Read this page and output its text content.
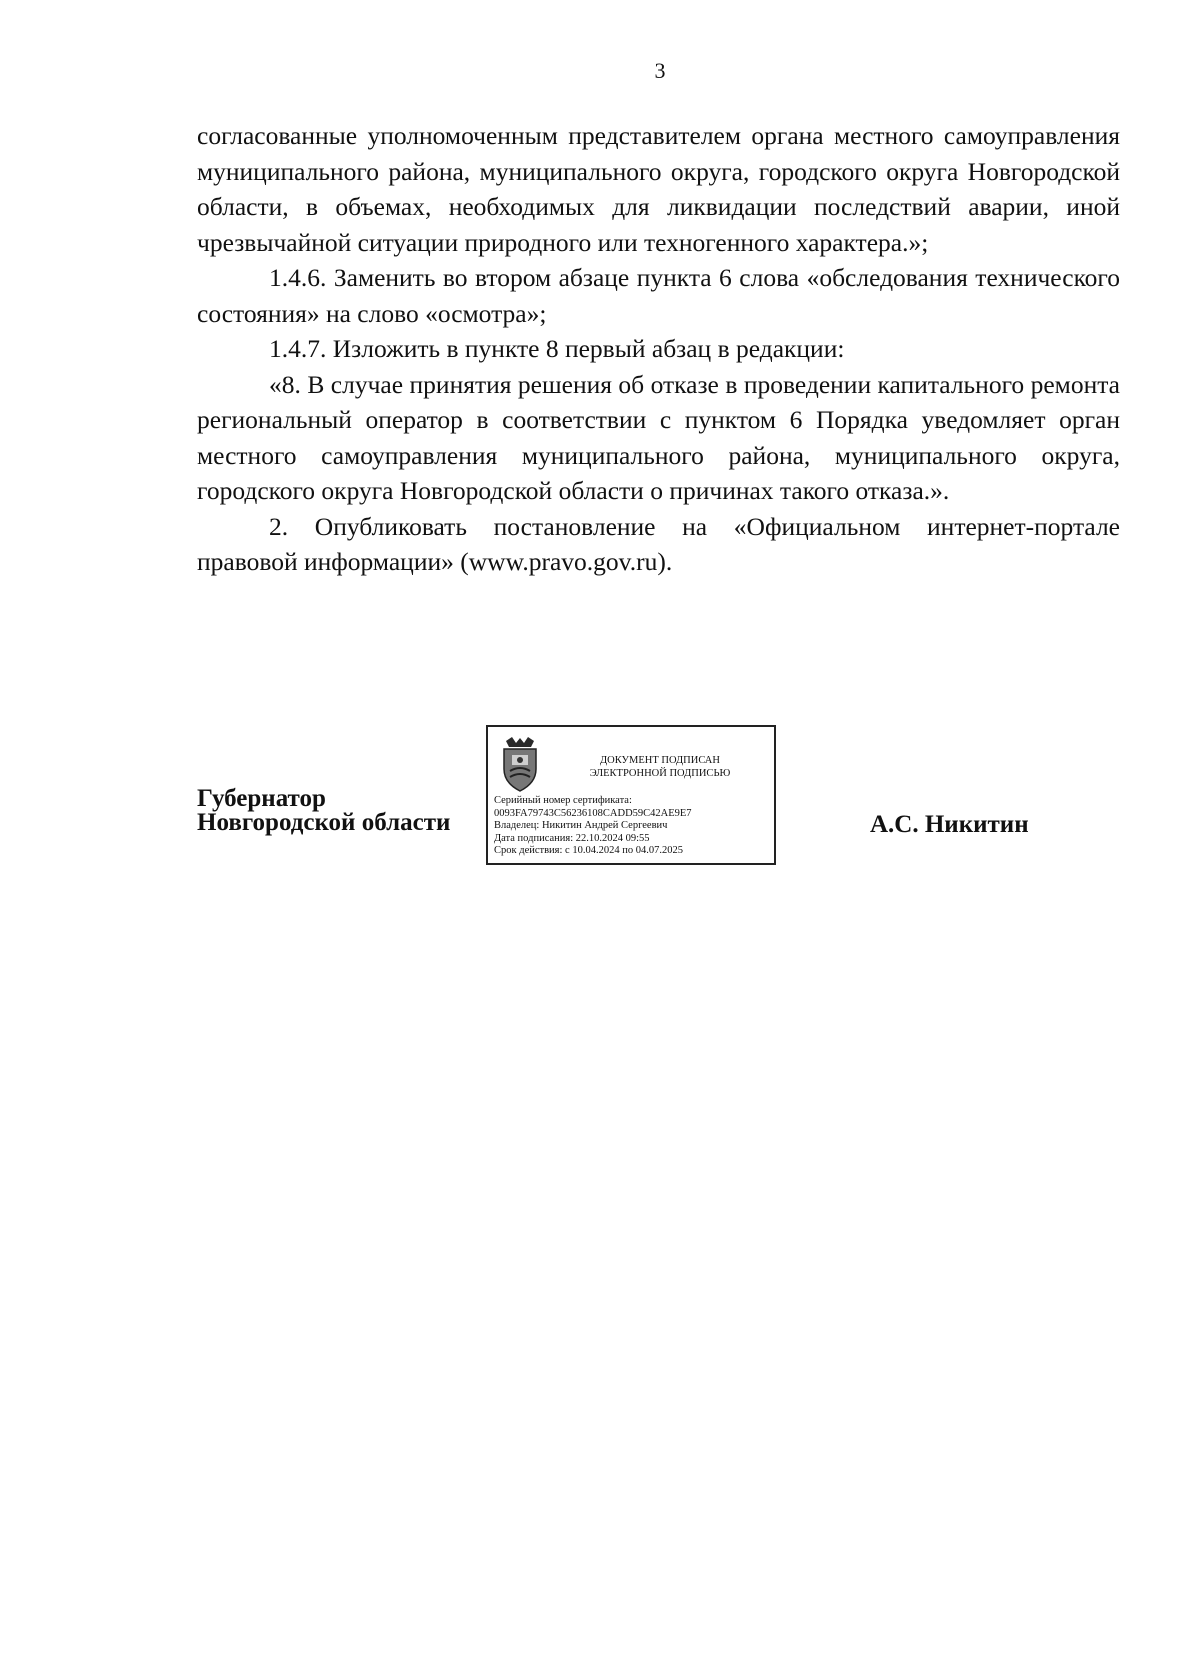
3

согласованные уполномоченным представителем органа местного самоуправления муниципального района, муниципального округа, городского округа Новгородской области, в объемах, необходимых для ликвидации последствий аварии, иной чрезвычайной ситуации природного или техногенного характера.»;

1.4.6. Заменить во втором абзаце пункта 6 слова «обследования технического состояния» на слово «осмотра»;

1.4.7. Изложить в пункте 8 первый абзац в редакции:

«8. В случае принятия решения об отказе в проведении капитального ремонта региональный оператор в соответствии с пунктом 6 Порядка уведомляет орган местного самоуправления муниципального района, муниципального округа, городского округа Новгородской области о причинах такого отказа.».

2. Опубликовать постановление на «Официальном интернет-портале правовой информации» (www.pravo.gov.ru).

Губернатор
Новгородской области
ДОКУМЕНТ ПОДПИСАН
ЭЛЕКТРОННОЙ ПОДПИСЬЮ
Серийный номер сертификата:
0093FA79743C56236108CADD59C42AE9E7
Владелец: Никитин Андрей Сергеевич
Дата подписания: 22.10.2024 09:55
Срок действия: с 10.04.2024 по 04.07.2025
А.С. Никитин
